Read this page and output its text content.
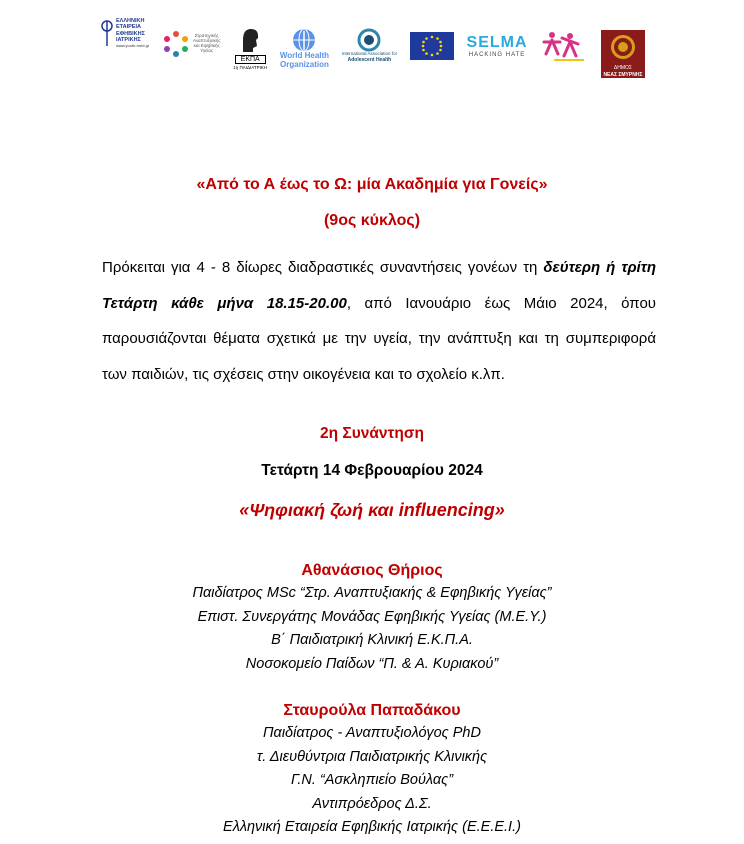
ΕΛΛΗΝΙΚΗ
ΕΤΑΙΡΕΙΑ
ΕΦΗΒΙΚΗΣ
ΙΑΤΡΙΚΗΣ
www.youth-med.gr
Στρατηγικής
Αναπτυξιακής
και Εφηβικής
Υγείας
ΕΚΠΑ
1η ΠΑΙΔΙΑΤΡΙΚΗ
World Health
Organization
International Association for
Adolescent Health
SELMA
HACKING HATE
ΔΗΜΟΣ
ΝΕΑΣ ΣΜΥΡΝΗΣ
«Από το Α έως το Ω: μία Ακαδημία για Γονείς»
(9ος κύκλος)
Πρόκειται για 4 - 8 δίωρες διαδραστικές συναντήσεις γονέων τη δεύτερη ή τρίτη Τετάρτη κάθε μήνα 18.15-20.00, από Ιανουάριο έως Μάιο 2024, όπου παρουσιάζονται θέματα σχετικά με την υγεία, την ανάπτυξη και τη συμπεριφορά των παιδιών, τις σχέσεις στην οικογένεια και το σχολείο κ.λπ.
2η Συνάντηση
Τετάρτη 14 Φεβρουαρίου 2024
«Ψηφιακή ζωή και influencing»
Αθανάσιος Θήριος
Παιδίατρος MSc “Στρ. Αναπτυξιακής & Εφηβικής Υγείας”
Επιστ. Συνεργάτης Μονάδας Εφηβικής Υγείας (Μ.Ε.Υ.)
Β΄ Παιδιατρική Κλινική Ε.Κ.Π.Α.
Νοσοκομείο Παίδων “Π. & Α. Κυριακού”
Σταυρούλα Παπαδάκου
Παιδίατρος - Αναπτυξιολόγος PhD
τ. Διευθύντρια Παιδιατρικής Κλινικής
Γ.Ν. “Ασκληπιείο Βούλας”
Αντιπρόεδρος Δ.Σ.
Ελληνική Εταιρεία Εφηβικής Ιατρικής (Ε.Ε.Ε.Ι.)
